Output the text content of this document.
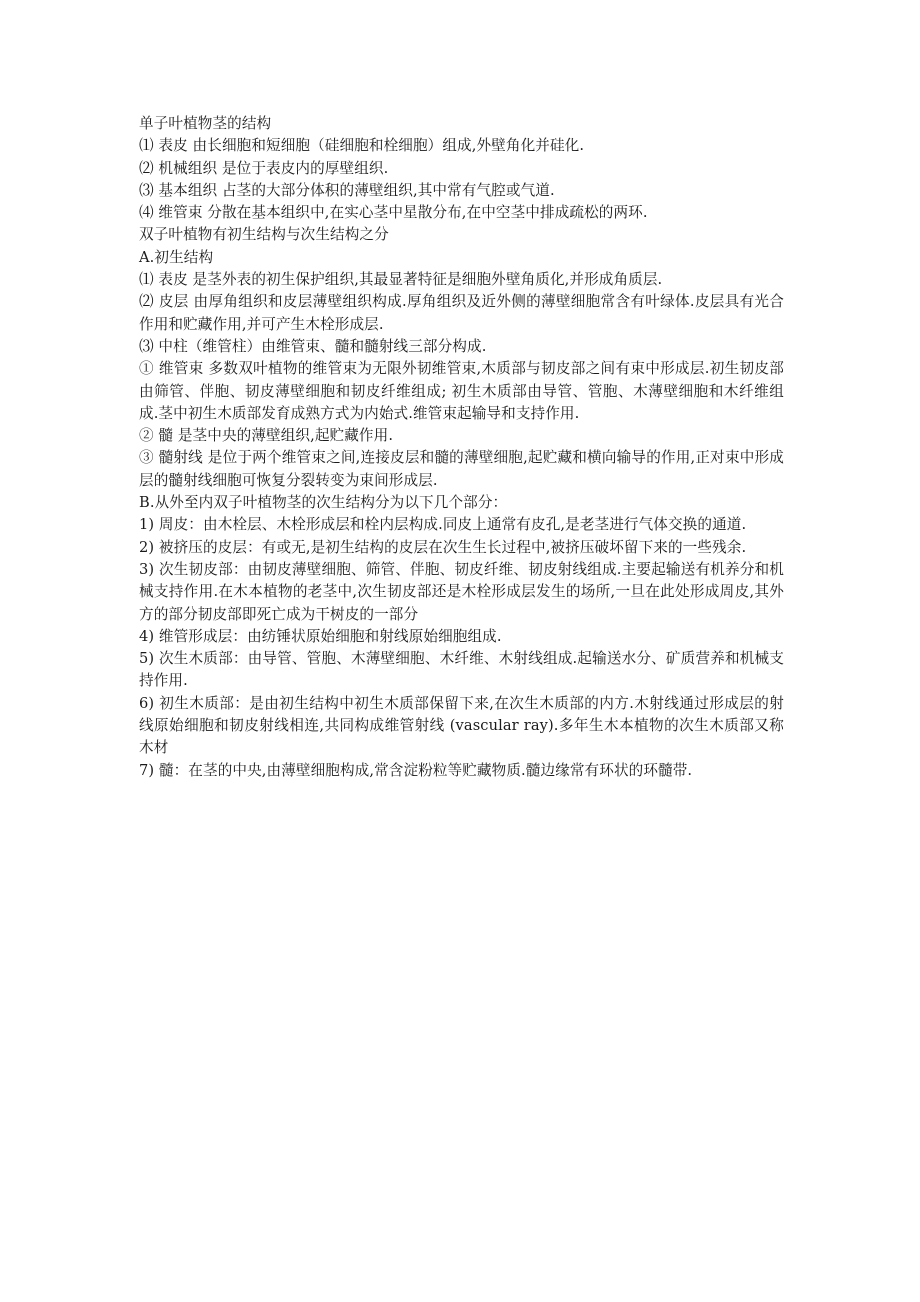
单子叶植物茎的结构

⑴ 表皮 由长细胞和短细胞（硅细胞和栓细胞）组成,外壁角化并硅化.

⑵ 机械组织 是位于表皮内的厚壁组织.

⑶ 基本组织 占茎的大部分体积的薄壁组织,其中常有气腔或气道.

⑷ 维管束 分散在基本组织中,在实心茎中星散分布,在中空茎中排成疏松的两环.

双子叶植物有初生结构与次生结构之分

A.初生结构

⑴ 表皮 是茎外表的初生保护组织,其最显著特征是细胞外壁角质化,并形成角质层.

⑵ 皮层 由厚角组织和皮层薄壁组织构成.厚角组织及近外侧的薄壁细胞常含有叶绿体.皮层具有光合作用和贮藏作用,并可产生木栓形成层.

⑶ 中柱（维管柱）由维管束、髓和髓射线三部分构成.

① 维管束 多数双叶植物的维管束为无限外韧维管束,木质部与韧皮部之间有束中形成层.初生韧皮部由筛管、伴胞、韧皮薄壁细胞和韧皮纤维组成; 初生木质部由导管、管胞、木薄壁细胞和木纤维组成.茎中初生木质部发育成熟方式为内始式.维管束起输导和支持作用.

② 髓 是茎中央的薄壁组织,起贮藏作用.

③ 髓射线 是位于两个维管束之间,连接皮层和髓的薄壁细胞,起贮藏和横向输导的作用,正对束中形成层的髓射线细胞可恢复分裂转变为束间形成层.

B.从外至内双子叶植物茎的次生结构分为以下几个部分：

1) 周皮：由木栓层、木栓形成层和栓内层构成.同皮上通常有皮孔,是老茎进行气体交换的通道.

2) 被挤压的皮层：有或无,是初生结构的皮层在次生生长过程中,被挤压破坏留下来的一些残余.

3) 次生韧皮部：由韧皮薄壁细胞、筛管、伴胞、韧皮纤维、韧皮射线组成.主要起输送有机养分和机械支持作用.在木本植物的老茎中,次生韧皮部还是木栓形成层发生的场所,一旦在此处形成周皮,其外方的部分韧皮部即死亡成为干树皮的一部分

4) 维管形成层：由纺锤状原始细胞和射线原始细胞组成.

5) 次生木质部：由导管、管胞、木薄壁细胞、木纤维、木射线组成.起输送水分、矿质营养和机械支持作用.

6) 初生木质部：是由初生结构中初生木质部保留下来,在次生木质部的内方.木射线通过形成层的射线原始细胞和韧皮射线相连,共同构成维管射线 (vascular ray).多年生木本植物的次生木质部又称木材

7) 髓：在茎的中央,由薄壁细胞构成,常含淀粉粒等贮藏物质.髓边缘常有环状的环髓带.
